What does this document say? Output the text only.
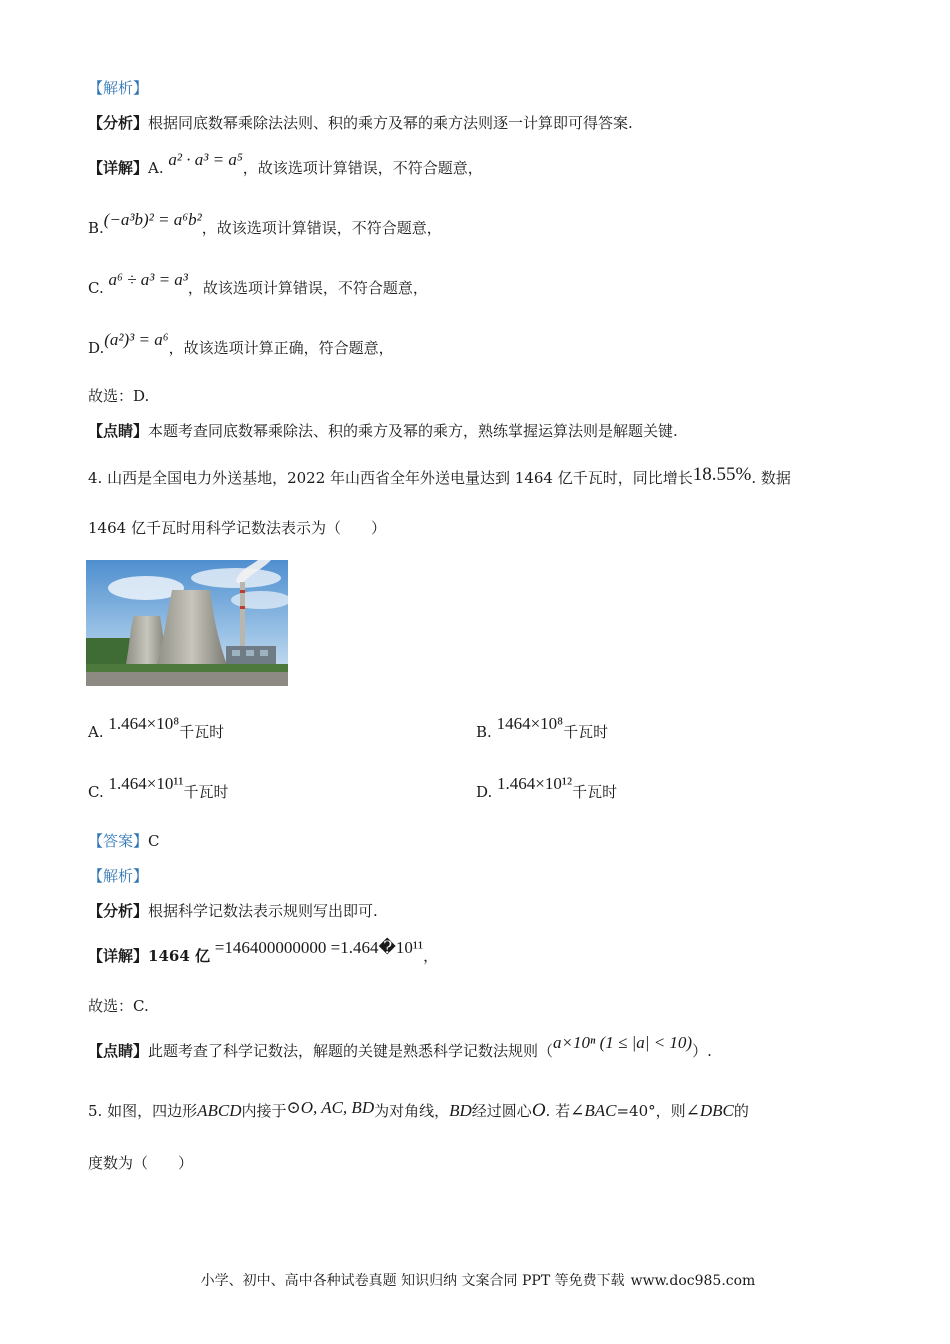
【解析】
【分析】根据同底数幂乘除法法则、积的乘方及幂的乘方法则逐一计算即可得答案.
【详解】A. a² · a³ = a⁵，故该选项计算错误，不符合题意，
B.(−a³b)² = a⁶b²，故该选项计算错误，不符合题意，
C. a⁶ ÷ a³ = a³，故该选项计算错误，不符合题意，
D.(a²)³ = a⁶，故该选项计算正确，符合题意，
故选：D.
【点睛】本题考查同底数幂乘除法、积的乘方及幂的乘方，熟练掌握运算法则是解题关键.
4. 山西是全国电力外送基地，2022 年山西省全年外送电量达到 1464 亿千瓦时，同比增长18.55%. 数据
1464 亿千瓦时用科学记数法表示为（　　）
A. 1.464×10⁸千瓦时	B. 1464×10⁸千瓦时
C. 1.464×10¹¹千瓦时	D. 1.464×10¹²千瓦时
【答案】C
【解析】
【分析】根据科学记数法表示规则写出即可.
【详解】1464 亿 =146400000000 =1.464�10¹¹，
故选：C.
【点睛】此题考查了科学记数法，解题的关键是熟悉科学记数法规则（a×10ⁿ (1 ≤ |a| < 10)）.
5. 如图，四边形ABCD内接于⊙O, AC, BD为对角线，BD经过圆心O. 若∠BAC=40°，则∠DBC的
度数为（　　）
小学、初中、高中各种试卷真题 知识归纳 文案合同 PPT 等免费下载 www.doc985.com
